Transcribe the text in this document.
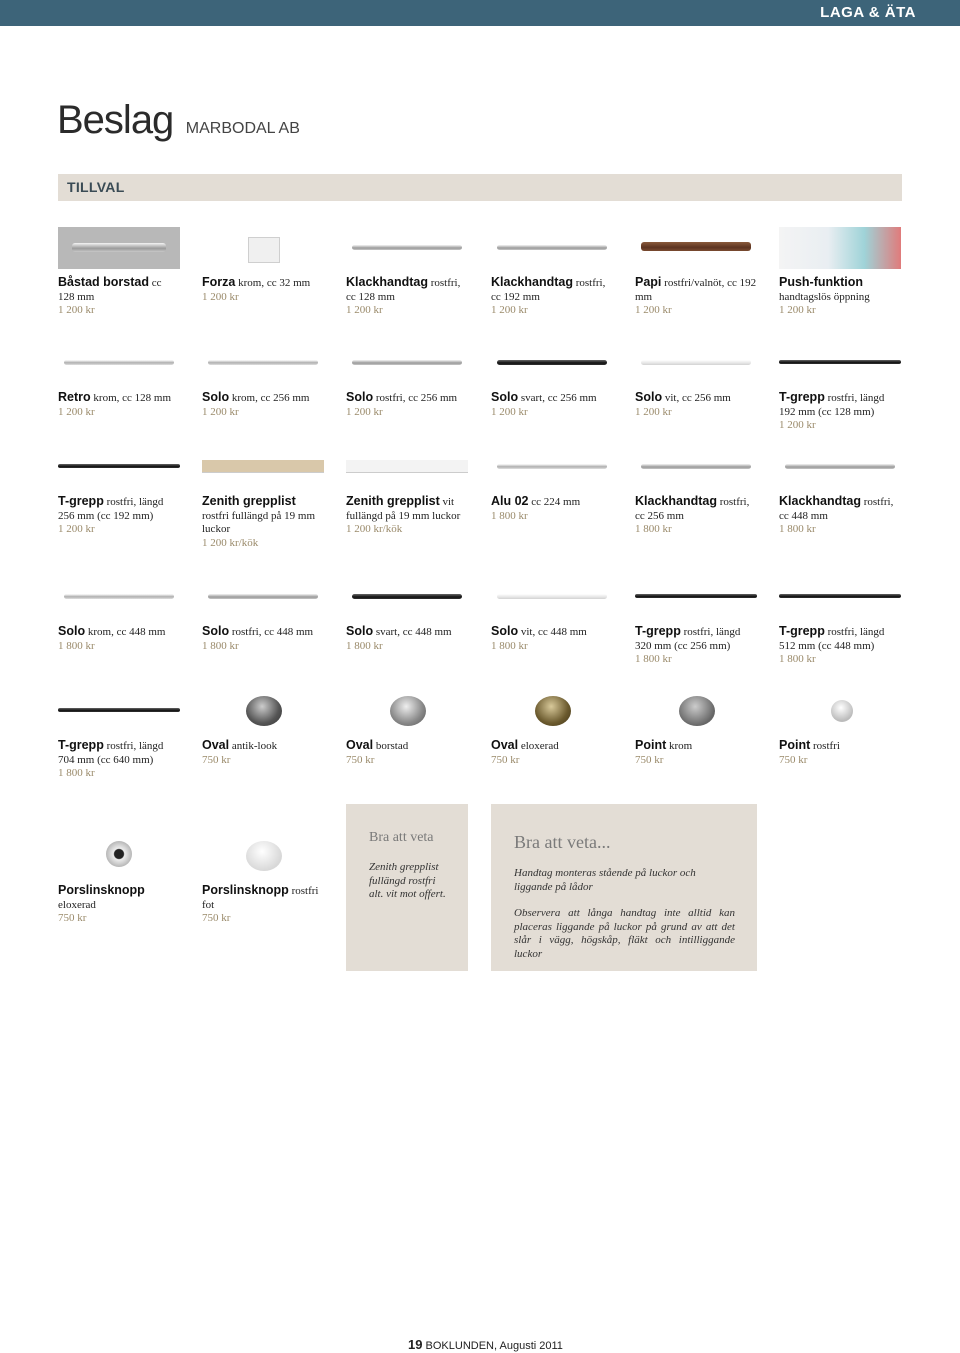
LAGA & ÄTA
Beslag MARBODAL AB
TILLVAL
Båstad borstad cc 128 mm
1 200 kr
Forza krom, cc 32 mm
1 200 kr
Klackhandtag rostfri, cc 128 mm
1 200 kr
Klackhandtag rostfri, cc 192 mm
1 200 kr
Papi rostfri/valnöt, cc 192 mm
1 200 kr
Push-funktion handtagslös öppning
1 200 kr
Retro krom, cc 128 mm
1 200 kr
Solo krom, cc 256 mm
1 200 kr
Solo rostfri, cc 256 mm
1 200 kr
Solo svart, cc 256 mm
1 200 kr
Solo vit, cc 256 mm
1 200 kr
T-grepp rostfri, längd 192 mm (cc 128 mm)
1 200 kr
T-grepp rostfri, längd 256 mm (cc 192 mm)
1 200 kr
Zenith grepplist rostfri fullängd på 19 mm luckor
1 200 kr/kök
Zenith grepplist vit fullängd på 19 mm luckor
1 200 kr/kök
Alu 02 cc 224 mm
1 800 kr
Klackhandtag rostfri, cc 256 mm
1 800 kr
Klackhandtag rostfri, cc 448 mm
1 800 kr
Solo krom, cc 448 mm
1 800 kr
Solo rostfri, cc 448 mm
1 800 kr
Solo svart, cc 448 mm
1 800 kr
Solo vit, cc 448 mm
1 800 kr
T-grepp rostfri, längd 320 mm (cc 256 mm)
1 800 kr
T-grepp rostfri, längd 512 mm (cc 448 mm)
1 800 kr
T-grepp rostfri, längd 704 mm (cc 640 mm)
1 800 kr
Oval antik-look
750 kr
Oval borstad
750 kr
Oval eloxerad
750 kr
Point krom
750 kr
Point rostfri
750 kr
Porslinsknopp eloxerad
750 kr
Porslinsknopp rostfri fot
750 kr
Bra att veta
Zenith grepplist fullängd rostfri alt. vit mot offert.
Bra att veta...
Handtag monteras stående på luckor och liggande på lådor
Observera att långa handtag inte alltid kan placeras liggande på luckor på grund av att det slår i vägg, högskåp, fläkt och intilliggande luckor
19 BOKLUNDEN, Augusti 2011
